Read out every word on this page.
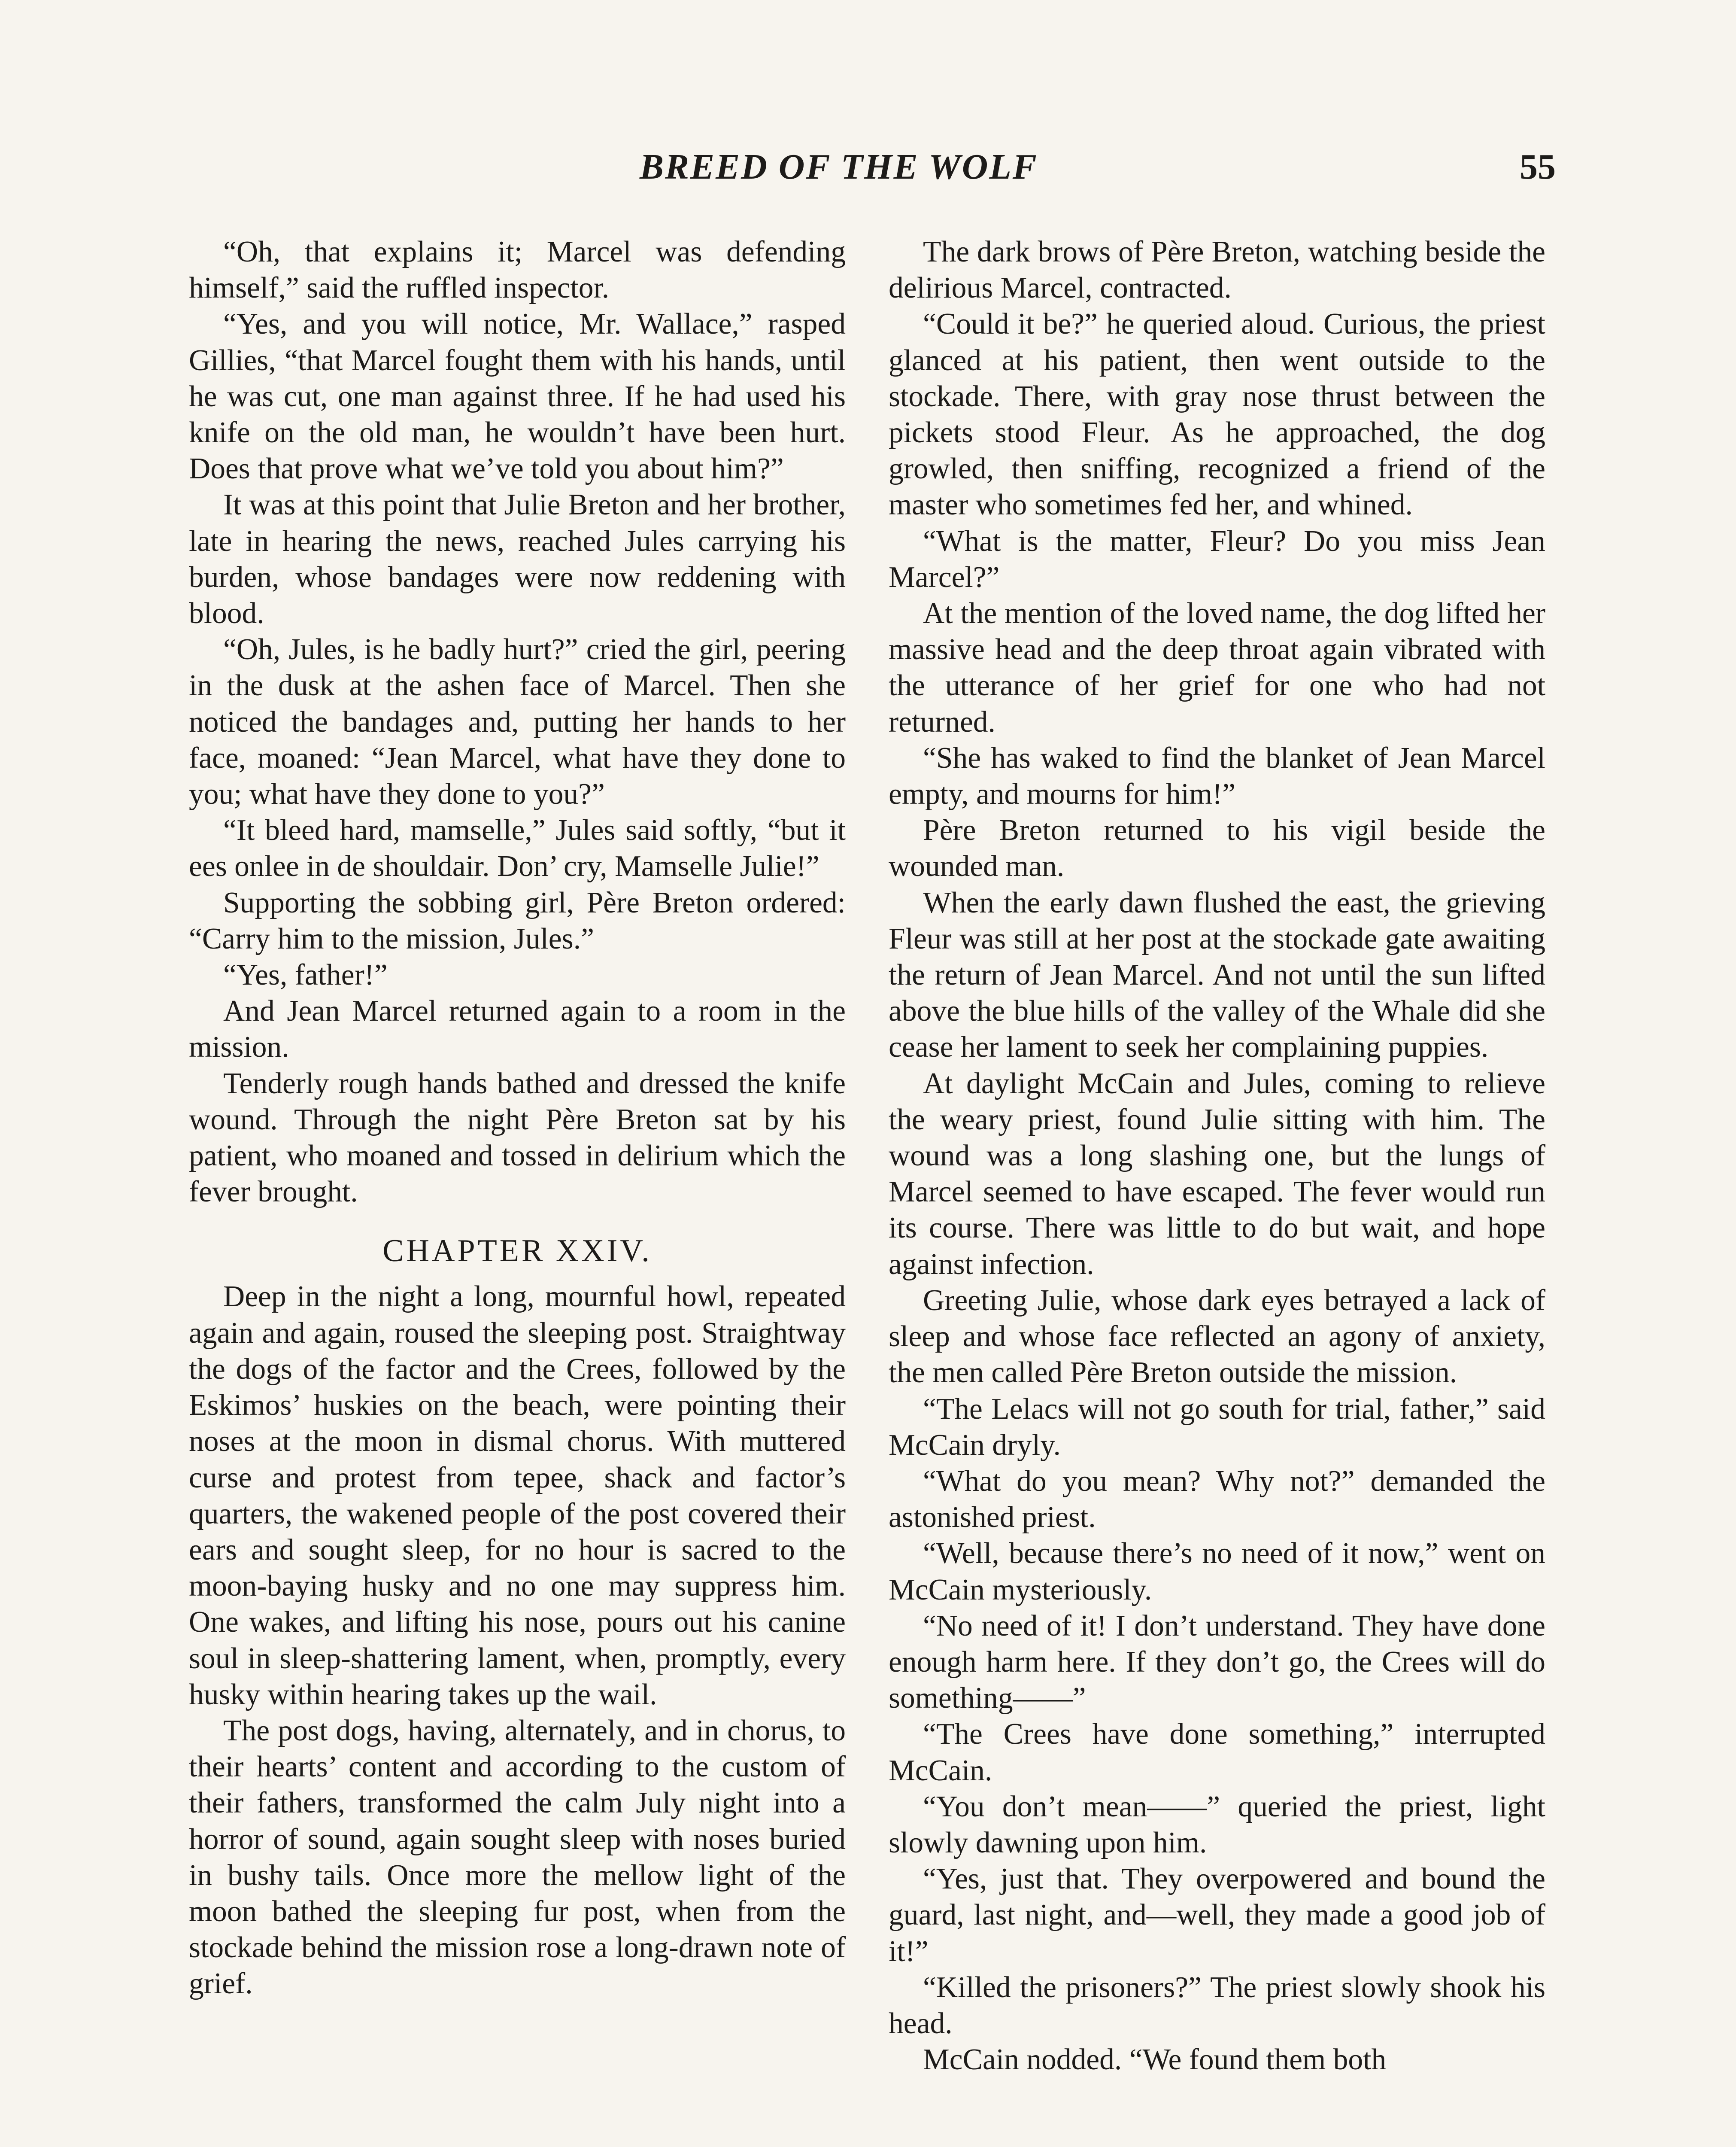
BREED OF THE WOLF	55

“Oh, that explains it; Marcel was defending himself,” said the ruffled inspector.

“Yes, and you will notice, Mr. Wallace,” rasped Gillies, “that Marcel fought them with his hands, until he was cut, one man against three. If he had used his knife on the old man, he wouldn’t have been hurt. Does that prove what we’ve told you about him?”

It was at this point that Julie Breton and her brother, late in hearing the news, reached Jules carrying his burden, whose bandages were now reddening with blood.

“Oh, Jules, is he badly hurt?” cried the girl, peering in the dusk at the ashen face of Marcel. Then she noticed the bandages and, putting her hands to her face, moaned: “Jean Marcel, what have they done to you; what have they done to you?”

“It bleed hard, mamselle,” Jules said softly, “but it ees onlee in de shouldair. Don’ cry, Mamselle Julie!”

Supporting the sobbing girl, Père Breton ordered: “Carry him to the mission, Jules.”

“Yes, father!”

And Jean Marcel returned again to a room in the mission.

Tenderly rough hands bathed and dressed the knife wound. Through the night Père Breton sat by his patient, who moaned and tossed in delirium which the fever brought.

CHAPTER XXIV.

Deep in the night a long, mournful howl, repeated again and again, roused the sleeping post. Straightway the dogs of the factor and the Crees, followed by the Eskimos’ huskies on the beach, were pointing their noses at the moon in dismal chorus. With muttered curse and protest from tepee, shack and factor’s quarters, the wakened people of the post covered their ears and sought sleep, for no hour is sacred to the moon-baying husky and no one may suppress him. One wakes, and lifting his nose, pours out his canine soul in sleep-shattering lament, when, promptly, every husky within hearing takes up the wail.

The post dogs, having, alternately, and in chorus, to their hearts’ content and according to the custom of their fathers, transformed the calm July night into a horror of sound, again sought sleep with noses buried in bushy tails. Once more the mellow light of the moon bathed the sleeping fur post, when from the stockade behind the mission rose a long-drawn note of grief.

The dark brows of Père Breton, watching beside the delirious Marcel, contracted.

“Could it be?” he queried aloud. Curious, the priest glanced at his patient, then went outside to the stockade. There, with gray nose thrust between the pickets stood Fleur. As he approached, the dog growled, then sniffing, recognized a friend of the master who sometimes fed her, and whined.

“What is the matter, Fleur? Do you miss Jean Marcel?”

At the mention of the loved name, the dog lifted her massive head and the deep throat again vibrated with the utterance of her grief for one who had not returned.

“She has waked to find the blanket of Jean Marcel empty, and mourns for him!”

Père Breton returned to his vigil beside the wounded man.

When the early dawn flushed the east, the grieving Fleur was still at her post at the stockade gate awaiting the return of Jean Marcel. And not until the sun lifted above the blue hills of the valley of the Whale did she cease her lament to seek her complaining puppies.

At daylight McCain and Jules, coming to relieve the weary priest, found Julie sitting with him. The wound was a long slashing one, but the lungs of Marcel seemed to have escaped. The fever would run its course. There was little to do but wait, and hope against infection.

Greeting Julie, whose dark eyes betrayed a lack of sleep and whose face reflected an agony of anxiety, the men called Père Breton outside the mission.

“The Lelacs will not go south for trial, father,” said McCain dryly.

“What do you mean? Why not?” demanded the astonished priest.

“Well, because there’s no need of it now,” went on McCain mysteriously.

“No need of it! I don’t understand. They have done enough harm here. If they don’t go, the Crees will do something——”

“The Crees have done something,” interrupted McCain.

“You don’t mean——” queried the priest, light slowly dawning upon him.

“Yes, just that. They overpowered and bound the guard, last night, and—well, they made a good job of it!”

“Killed the prisoners?” The priest slowly shook his head.

McCain nodded. “We found them both
